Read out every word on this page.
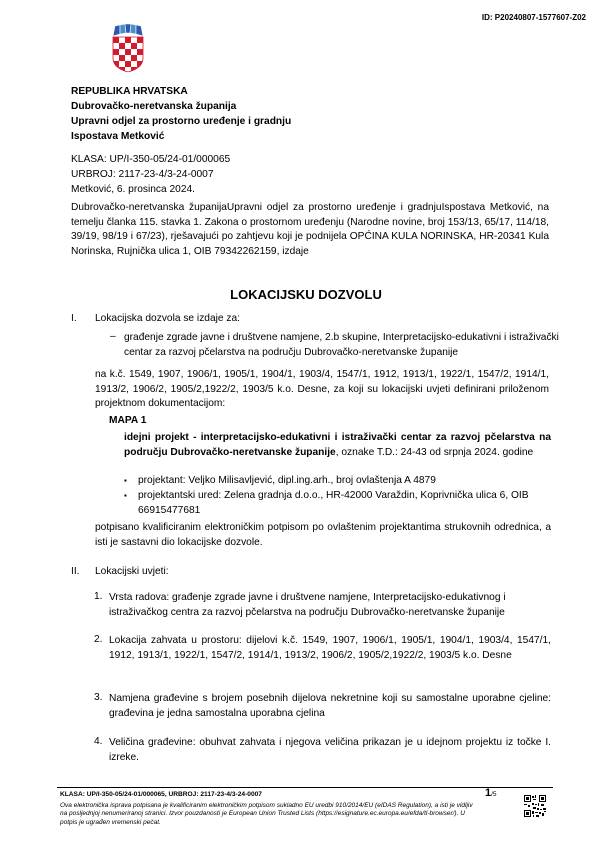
ID: P20240807-1577607-Z02
REPUBLIKA HRVATSKA
Dubrovačko-neretvanska županija
Upravni odjel za prostorno uređenje i gradnju
Ispostava Metković
KLASA: UP/I-350-05/24-01/000065
URBROJ: 2117-23-4/3-24-0007
Metković, 6. prosinca 2024.
Dubrovačko-neretvanska županijaUpravni odjel za prostorno uređenje i gradnjuIspostava Metković, na temelju članka 115. stavka 1. Zakona o prostornom uređenju (Narodne novine, broj 153/13, 65/17, 114/18, 39/19, 98/19 i 67/23), rješavajući po zahtjevu koji je podnijela OPĆINA KULA NORINSKA, HR-20341 Kula Norinska, Rujnička ulica 1, OIB 79342262159, izdaje
LOKACIJSKU DOZVOLU
I. Lokacijska dozvola se izdaje za:
– građenje zgrade javne i društvene namjene, 2.b skupine, Interpretacijsko-edukativni i istraživački centar za razvoj pčelarstva na području Dubrovačko-neretvanske županije
na k.č. 1549, 1907, 1906/1, 1905/1, 1904/1, 1903/4, 1547/1, 1912, 1913/1, 1922/1, 1547/2, 1914/1, 1913/2, 1906/2, 1905/2,1922/2, 1903/5 k.o. Desne, za koji su lokacijski uvjeti definirani priloženom projektnom dokumentacijom:
MAPA 1
idejni projekt - interpretacijsko-edukativni i istraživački centar za razvoj pčelarstva na području Dubrovačko-neretvanske županije, oznake T.D.: 24-43 od srpnja 2024. godine
▪ projektant: Veljko Milisavljević, dipl.ing.arh., broj ovlaštenja A 4879
▪ projektantski ured: Zelena gradnja d.o.o., HR-42000 Varaždin, Koprivnička ulica 6, OIB 66915477681
potpisano kvalificiranim elektroničkim potpisom po ovlaštenim projektantima strukovnih odrednica, a isti je sastavni dio lokacijske dozvole.
II. Lokacijski uvjeti:
1. Vrsta radova: građenje zgrade javne i društvene namjene, Interpretacijsko-edukativnog i istraživačkog centra za razvoj pčelarstva na području Dubrovačko-neretvanske županije
2. Lokacija zahvata u prostoru: dijelovi k.č. 1549, 1907, 1906/1, 1905/1, 1904/1, 1903/4, 1547/1, 1912, 1913/1, 1922/1, 1547/2, 1914/1, 1913/2, 1906/2, 1905/2,1922/2, 1903/5 k.o. Desne
3. Namjena građevine s brojem posebnih dijelova nekretnine koji su samostalne uporabne cjeline: građevina je jedna samostalna uporabna cjelina
4. Veličina građevine: obuhvat zahvata i njegova veličina prikazan je u idejnom projektu iz točke I. izreke.
KLASA: UP/I-350-05/24-01/000065, URBROJ: 2117-23-4/3-24-0007	1/5
Ova elektronička isprava potpisana je kvalificiranim elektroničkim potpisom sukladno EU uredbi 910/2014/EU (eIDAS Regulation), a isti je vidljiv na posljednjoj nenumeriranoj stranici. Izvor pouzdanosti je European Union Trusted Lists (https://esignature.ec.europa.eu/efda/tl-browser/). U potpis je ugrađen vremenski pečat.
